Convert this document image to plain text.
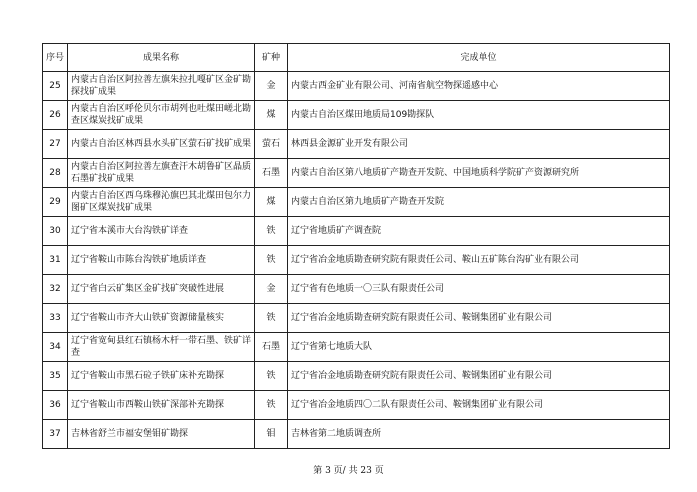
序号	成果名称	矿种	完成单位
25	内蒙古自治区阿拉善左旗朱拉扎嘎矿区金矿勘探找矿成果	金	内蒙古西金矿业有限公司、河南省航空物探遥感中心
26	内蒙古自治区呼伦贝尔市胡列也吐煤田嵯北勘查区煤炭找矿成果	煤	内蒙古自治区煤田地质局109勘探队
27	内蒙古自治区林西县水头矿区萤石矿找矿成果	萤石	林西县金源矿业开发有限公司
28	内蒙古自治区阿拉善左旗查汗木胡鲁矿区晶质石墨矿找矿成果	石墨	内蒙古自治区第八地质矿产勘查开发院、中国地质科学院矿产资源研究所
29	内蒙古自治区西乌珠穆沁旗巴其北煤田包尔力图矿区煤炭找矿成果	煤	内蒙古自治区第九地质矿产勘查开发院
30	辽宁省本溪市大台沟铁矿详查	铁	辽宁省地质矿产调查院
31	辽宁省鞍山市陈台沟铁矿地质详查	铁	辽宁省冶金地质勘查研究院有限责任公司、鞍山五矿陈台沟矿业有限公司
32	辽宁省白云矿集区金矿找矿突破性进展	金	辽宁省有色地质一〇三队有限责任公司
33	辽宁省鞍山市齐大山铁矿资源储量核实	铁	辽宁省冶金地质勘查研究院有限责任公司、鞍钢集团矿业有限公司
34	辽宁省宽甸县红石镇杨木杆一带石墨、铁矿详查	石墨	辽宁省第七地质大队
35	辽宁省鞍山市黑石砬子铁矿床补充勘探	铁	辽宁省冶金地质勘查研究院有限责任公司、鞍钢集团矿业有限公司
36	辽宁省鞍山市西鞍山铁矿深部补充勘探	铁	辽宁省冶金地质四〇二队有限责任公司、鞍钢集团矿业有限公司
37	吉林省舒兰市福安堡钼矿勘探	钼	吉林省第二地质调查所
第 3 页/ 共 23 页
